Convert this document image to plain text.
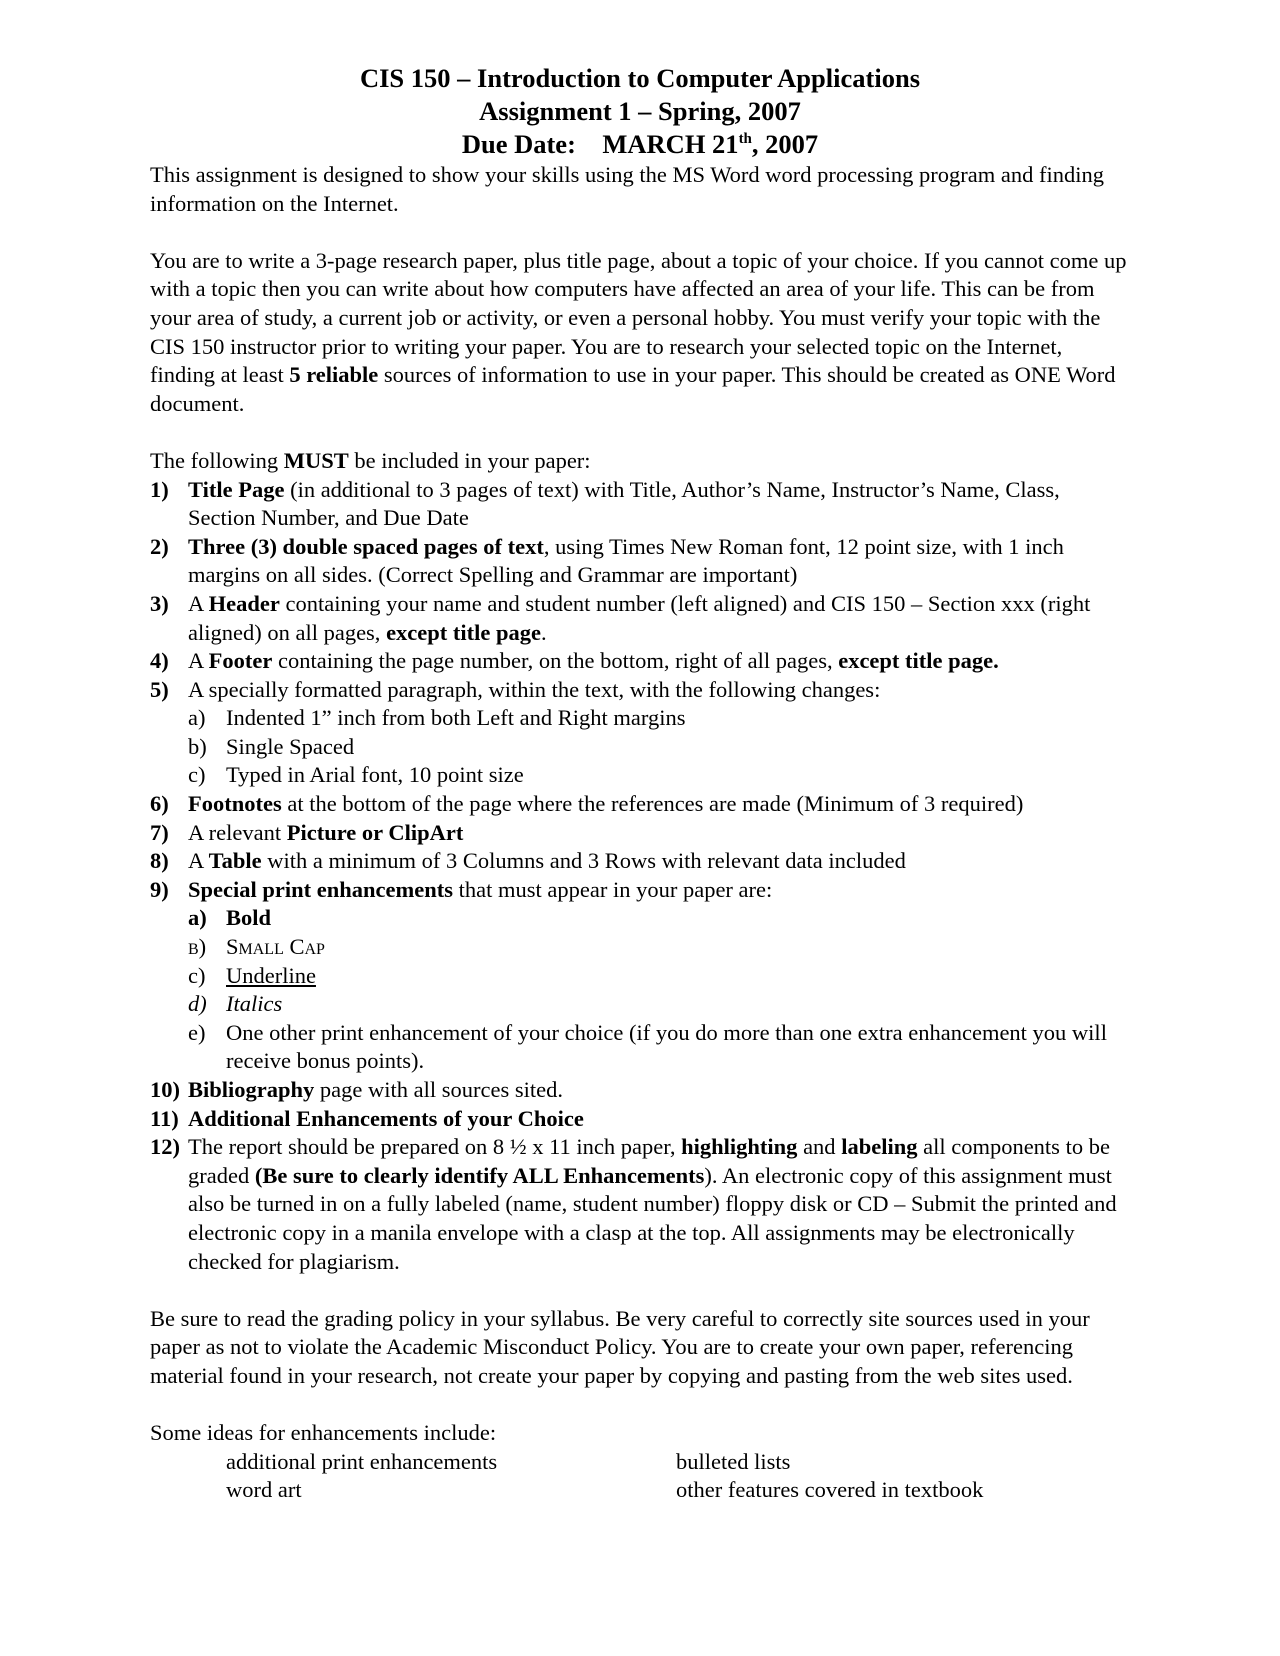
CIS 150 – Introduction to Computer Applications
Assignment 1 – Spring, 2007
Due Date: MARCH 21th, 2007

This assignment is designed to show your skills using the MS Word word processing program and finding information on the Internet.

You are to write a 3-page research paper, plus title page, about a topic of your choice. If you cannot come up with a topic then you can write about how computers have affected an area of your life. This can be from your area of study, a current job or activity, or even a personal hobby. You must verify your topic with the CIS 150 instructor prior to writing your paper. You are to research your selected topic on the Internet, finding at least 5 reliable sources of information to use in your paper. This should be created as ONE Word document.

The following MUST be included in your paper:

1) Title Page (in additional to 3 pages of text) with Title, Author’s Name, Instructor’s Name, Class, Section Number, and Due Date
2) Three (3) double spaced pages of text, using Times New Roman font, 12 point size, with 1 inch margins on all sides. (Correct Spelling and Grammar are important)
3) A Header containing your name and student number (left aligned) and CIS 150 – Section xxx (right aligned) on all pages, except title page.
4) A Footer containing the page number, on the bottom, right of all pages, except title page.
5) A specially formatted paragraph, within the text, with the following changes:
a) Indented 1” inch from both Left and Right margins
b) Single Spaced
c) Typed in Arial font, 10 point size
6) Footnotes at the bottom of the page where the references are made (Minimum of 3 required)
7) A relevant Picture or ClipArt
8) A Table with a minimum of 3 Columns and 3 Rows with relevant data included
9) Special print enhancements that must appear in your paper are:
a) Bold
b) Small Cap
c) Underline
d) Italics
e) One other print enhancement of your choice (if you do more than one extra enhancement you will receive bonus points).
10) Bibliography page with all sources sited.
11) Additional Enhancements of your Choice
12) The report should be prepared on 8 ½ x 11 inch paper, highlighting and labeling all components to be graded (Be sure to clearly identify ALL Enhancements). An electronic copy of this assignment must also be turned in on a fully labeled (name, student number) floppy disk or CD – Submit the printed and electronic copy in a manila envelope with a clasp at the top. All assignments may be electronically checked for plagiarism.

Be sure to read the grading policy in your syllabus. Be very careful to correctly site sources used in your paper as not to violate the Academic Misconduct Policy. You are to create your own paper, referencing material found in your research, not create your paper by copying and pasting from the web sites used.

Some ideas for enhancements include:

additional print enhancements	bulleted lists
word art	other features covered in textbook
